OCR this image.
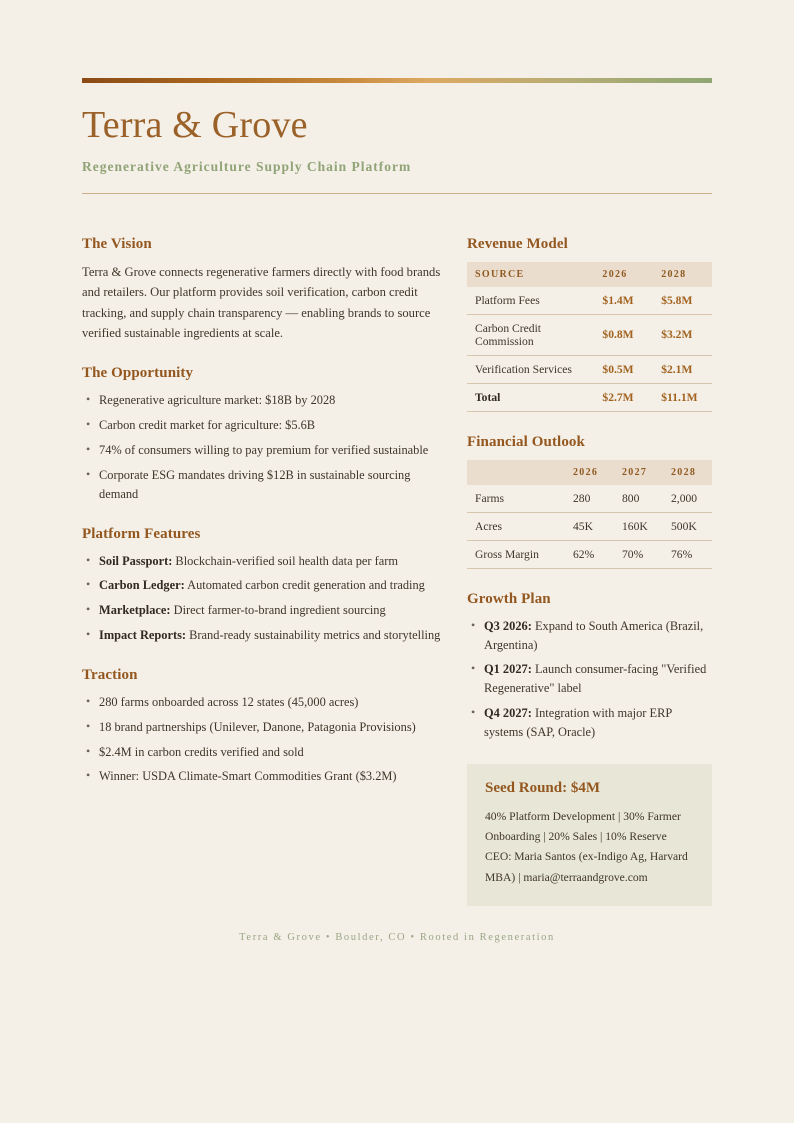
Terra & Grove
Regenerative Agriculture Supply Chain Platform
The Vision

Terra & Grove connects regenerative farmers directly with food brands and retailers. Our platform provides soil verification, carbon credit tracking, and supply chain transparency — enabling brands to source verified sustainable ingredients at scale.

The Opportunity
• Regenerative agriculture market: $18B by 2028
• Carbon credit market for agriculture: $5.6B
• 74% of consumers willing to pay premium for verified sustainable
• Corporate ESG mandates driving $12B in sustainable sourcing demand
Platform Features
• Soil Passport: Blockchain-verified soil health data per farm
• Carbon Ledger: Automated carbon credit generation and trading
• Marketplace: Direct farmer-to-brand ingredient sourcing
• Impact Reports: Brand-ready sustainability metrics and storytelling
Traction
• 280 farms onboarded across 12 states (45,000 acres)
• 18 brand partnerships (Unilever, Danone, Patagonia Provisions)
• $2.4M in carbon credits verified and sold
• Winner: USDA Climate-Smart Commodities Grant ($3.2M)
Revenue Model
SOURCE	2026	2028
Platform Fees	$1.4M	$5.8M
Carbon Credit Commission	$0.8M	$3.2M
Verification Services	$0.5M	$2.1M
Total	$2.7M	$11.1M
Financial Outlook
	2026	2027	2028
Farms	280	800	2,000
Acres	45K	160K	500K
Gross Margin	62%	70%	76%
Growth Plan
• Q3 2026: Expand to South America (Brazil, Argentina)
• Q1 2027: Launch consumer-facing "Verified Regenerative" label
• Q4 2027: Integration with major ERP systems (SAP, Oracle)
Seed Round: $4M

40% Platform Development | 30% Farmer Onboarding | 20% Sales | 10% Reserve

CEO: Maria Santos (ex-Indigo Ag, Harvard MBA) | maria@terraandgrove.com

Terra & Grove • Boulder, CO • Rooted in Regeneration
